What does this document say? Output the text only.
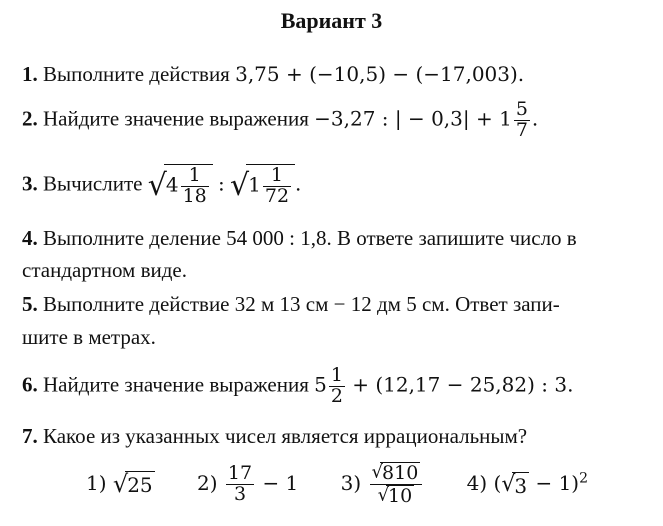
Вариант 3
1. Выполните действия 3,75 + (−10,5) − (−17,003).
2. Найдите значение выражения −3,27 : | − $0,3| + 1 \frac{5}{7}$ .
3. Вычислите $√4 \frac{1}{18}$ : $√1 \frac{1}{72}$ .
4. Выполните деление 54 000 : 1,8. В ответе запишите число в
стандартном виде.
5. Выполните действие 32 м 13 см − 12 дм 5 см. Ответ запи-
шите в метрах.
6. Найдите значение выражения $5 \frac{1}{2} + (12,17 - 25,82)$ : 3.
7. Какое из указанных чисел является иррациональным?
1) √25 $2) \frac{17}{3} - 1$ $3) \frac{√810}{√10} 4$) $(√3 - 1)^2$
